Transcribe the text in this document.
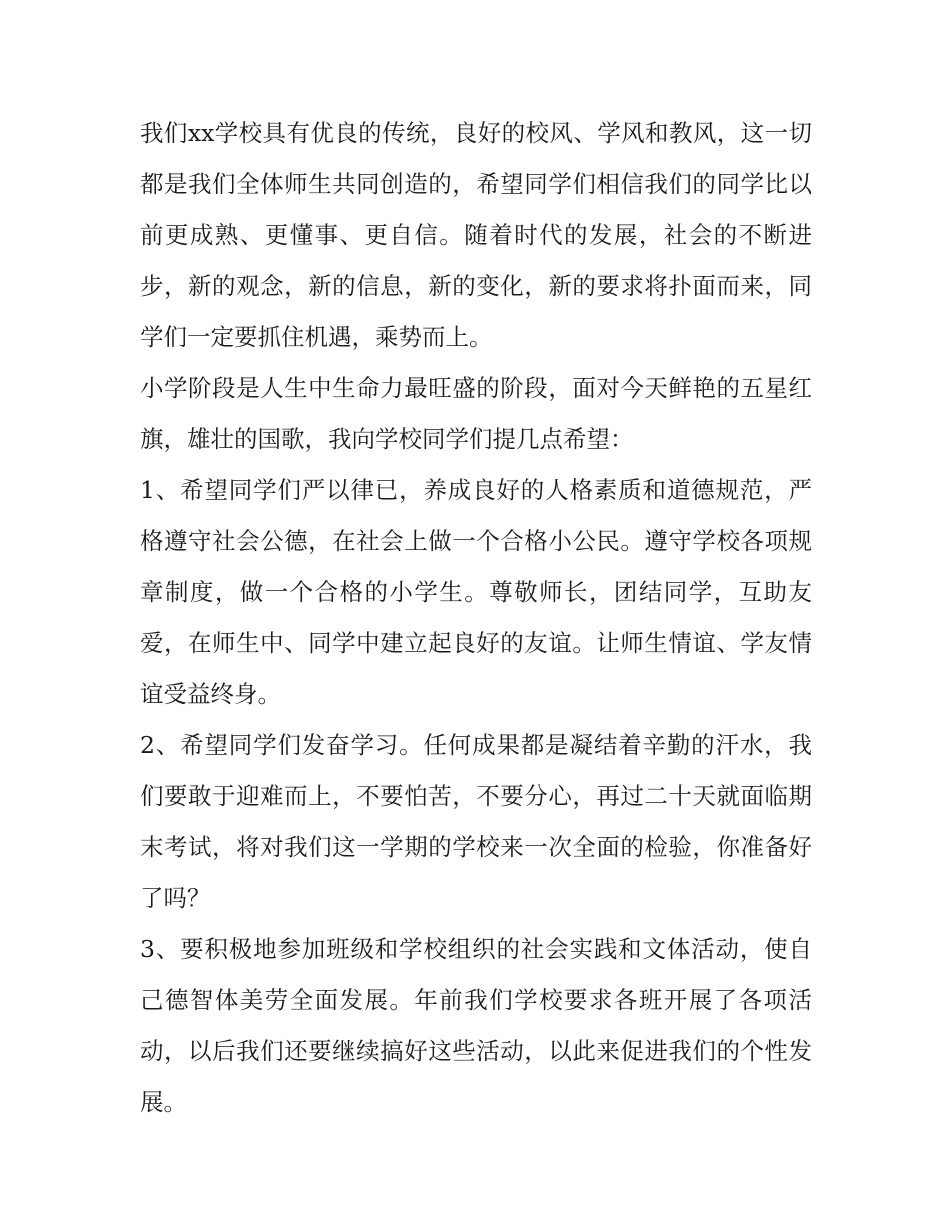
我们xx学校具有优良的传统，良好的校风、学风和教风，这一切都是我们全体师生共同创造的，希望同学们相信我们的同学比以前更成熟、更懂事、更自信。随着时代的发展，社会的不断进步，新的观念，新的信息，新的变化，新的要求将扑面而来，同学们一定要抓住机遇，乘势而上。

小学阶段是人生中生命力最旺盛的阶段，面对今天鲜艳的五星红旗，雄壮的国歌，我向学校同学们提几点希望：

1、希望同学们严以律已，养成良好的人格素质和道德规范，严格遵守社会公德，在社会上做一个合格小公民。遵守学校各项规章制度，做一个合格的小学生。尊敬师长，团结同学，互助友爱，在师生中、同学中建立起良好的友谊。让师生情谊、学友情谊受益终身。

2、希望同学们发奋学习。任何成果都是凝结着辛勤的汗水，我们要敢于迎难而上，不要怕苦，不要分心，再过二十天就面临期末考试，将对我们这一学期的学校来一次全面的检验，你准备好了吗？

3、要积极地参加班级和学校组织的社会实践和文体活动，使自己德智体美劳全面发展。年前我们学校要求各班开展了各项活动，以后我们还要继续搞好这些活动，以此来促进我们的个性发展。
